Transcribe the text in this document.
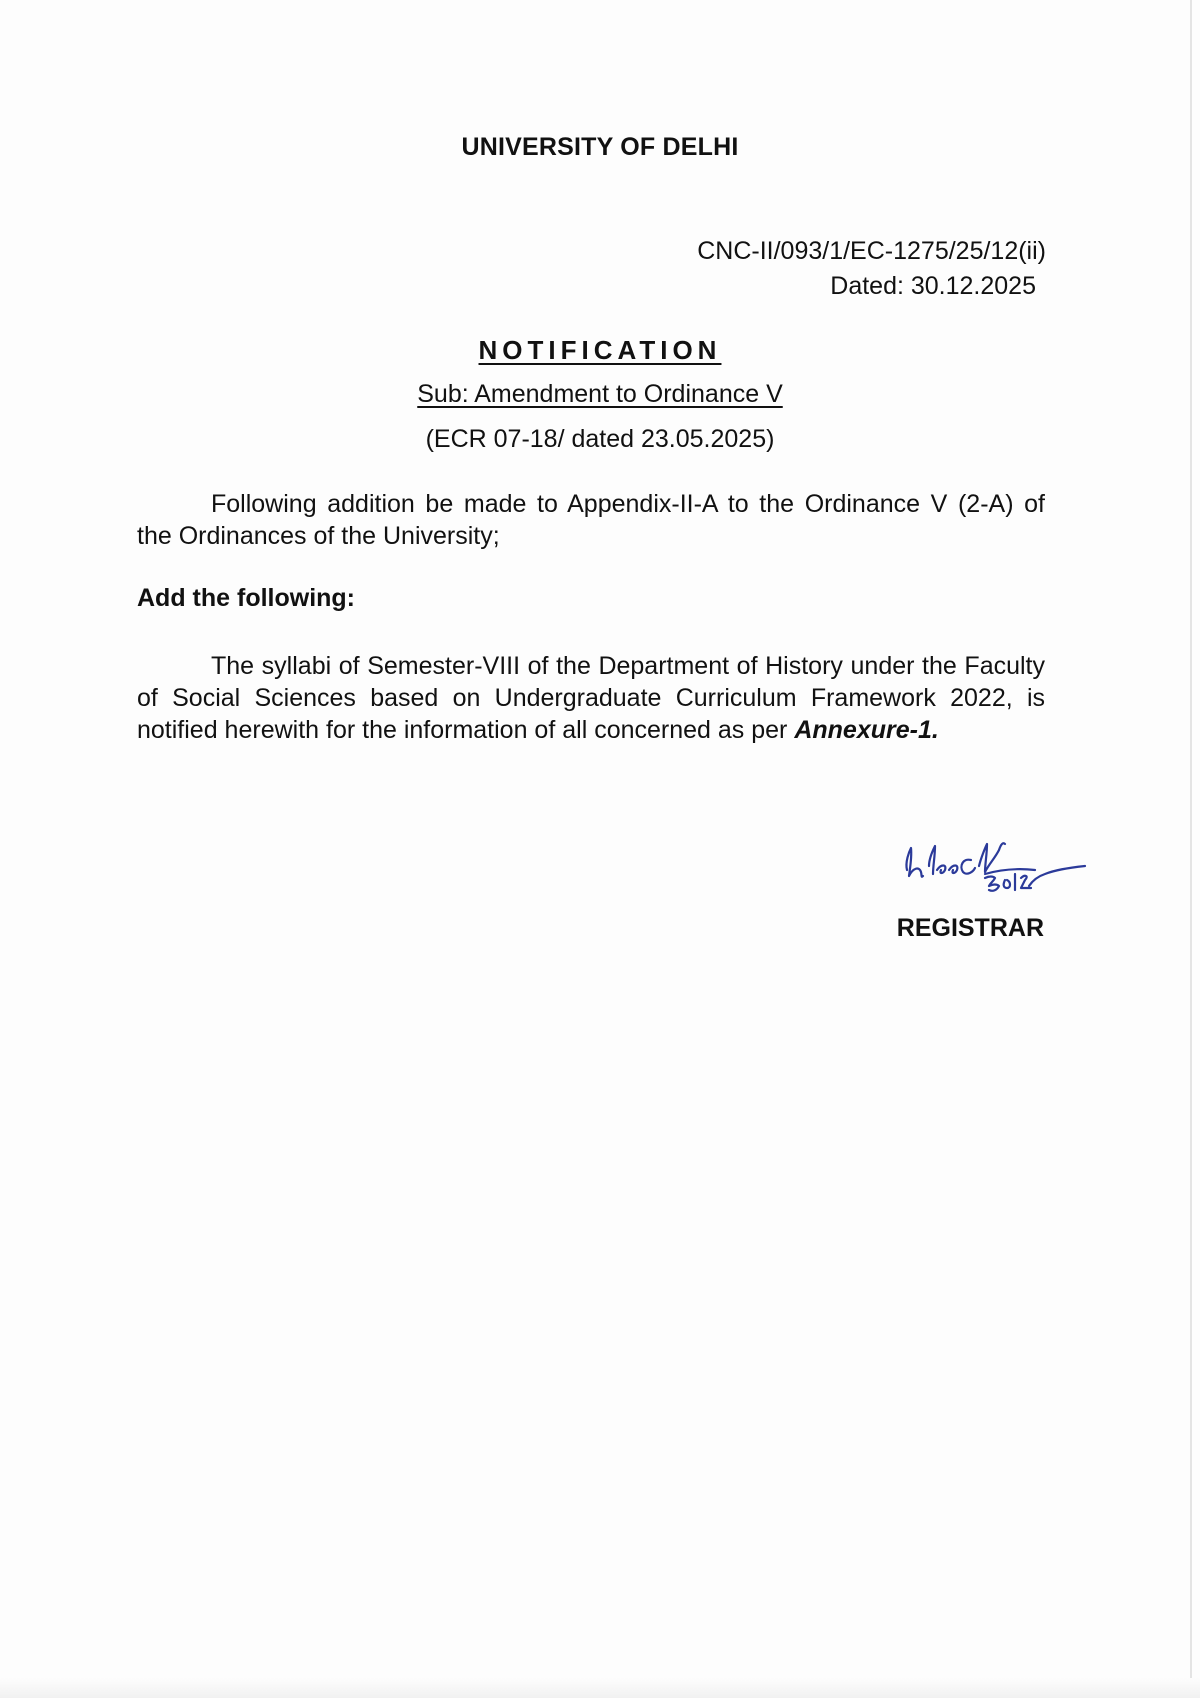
UNIVERSITY OF DELHI
CNC-II/093/1/EC-1275/25/12(ii)
Dated: 30.12.2025
NOTIFICATION
Sub: Amendment to Ordinance V
(ECR 07-18/ dated 23.05.2025)

Following addition be made to Appendix-II-A to the Ordinance V (2-A) of the Ordinances of the University;

Add the following:

The syllabi of Semester-VIII of the Department of History under the Faculty of Social Sciences based on Undergraduate Curriculum Framework 2022, is notified herewith for the information of all concerned as per Annexure-1.

REGISTRAR
